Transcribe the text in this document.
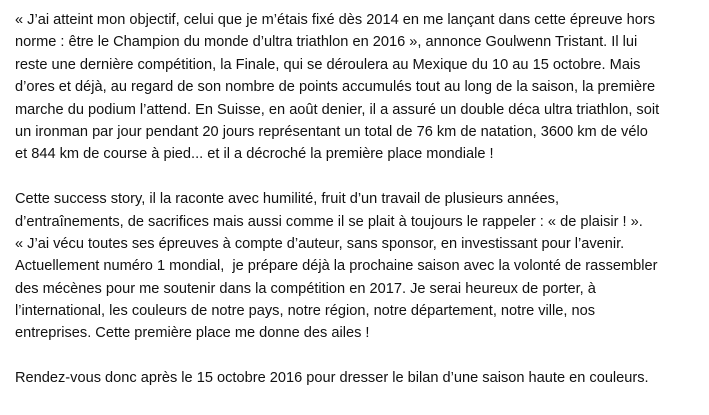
« J’ai atteint mon objectif, celui que je m’étais fixé dès 2014 en me lançant dans cette épreuve hors
norme : être le Champion du monde d’ultra triathlon en 2016 », annonce Goulwenn Tristant. Il lui
reste une dernière compétition, la Finale, qui se déroulera au Mexique du 10 au 15 octobre. Mais
d’ores et déjà, au regard de son nombre de points accumulés tout au long de la saison, la première
marche du podium l’attend. En Suisse, en août denier, il a assuré un double déca ultra triathlon, soit
un ironman par jour pendant 20 jours représentant un total de 76 km de natation, 3600 km de vélo
et 844 km de course à pied... et il a décroché la première place mondiale !
Cette success story, il la raconte avec humilité, fruit d’un travail de plusieurs années,
d’entraînements, de sacrifices mais aussi comme il se plait à toujours le rappeler : « de plaisir ! ».
« J’ai vécu toutes ses épreuves à compte d’auteur, sans sponsor, en investissant pour l’avenir.
Actuellement numéro 1 mondial,  je prépare déjà la prochaine saison avec la volonté de rassembler
des mécènes pour me soutenir dans la compétition en 2017. Je serai heureux de porter, à
l’international, les couleurs de notre pays, notre région, notre département, notre ville, nos
entreprises. Cette première place me donne des ailes !
Rendez-vous donc après le 15 octobre 2016 pour dresser le bilan d’une saison haute en couleurs.
